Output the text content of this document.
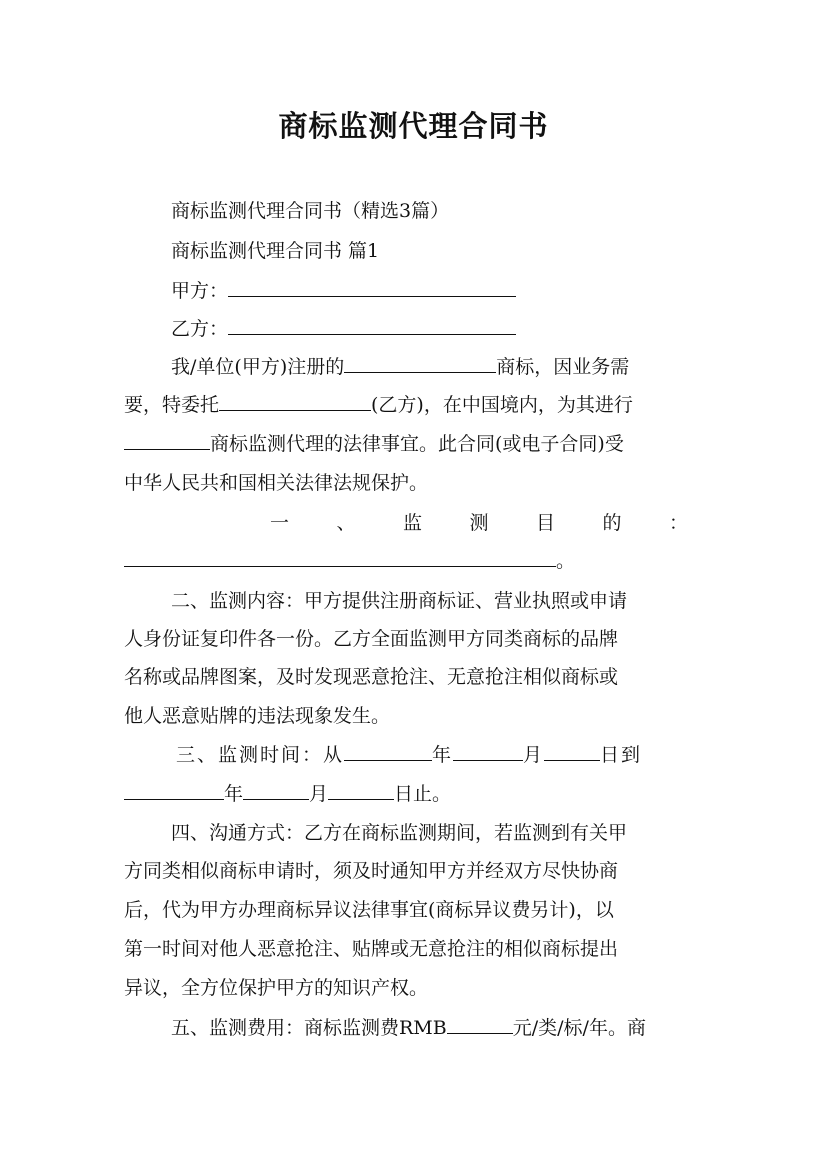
商标监测代理合同书
商标监测代理合同书（精选3篇）
商标监测代理合同书 篇1
甲方：
乙方：
我/单位(甲方)注册的	商标，因业务需
要，特委托	(乙方)，在中国境内，为其进行
商标监测代理的法律事宜。此合同(或电子合同)受
中华人民共和国相关法律法规保护。
一 、 监 测 目 的 ：
。
二、监测内容：甲方提供注册商标证、营业执照或申请
人身份证复印件各一份。乙方全面监测甲方同类商标的品牌
名称或品牌图案，及时发现恶意抢注、无意抢注相似商标或
他人恶意贴牌的违法现象发生。
三、监测时间：从	年	月	日到
年	月	日止。
四、沟通方式：乙方在商标监测期间，若监测到有关甲
方同类相似商标申请时，须及时通知甲方并经双方尽快协商
后，代为甲方办理商标异议法律事宜(商标异议费另计)，以
第一时间对他人恶意抢注、贴牌或无意抢注的相似商标提出
异议，全方位保护甲方的知识产权。
五、监测费用：商标监测费RMB	元/类/标/年。商
